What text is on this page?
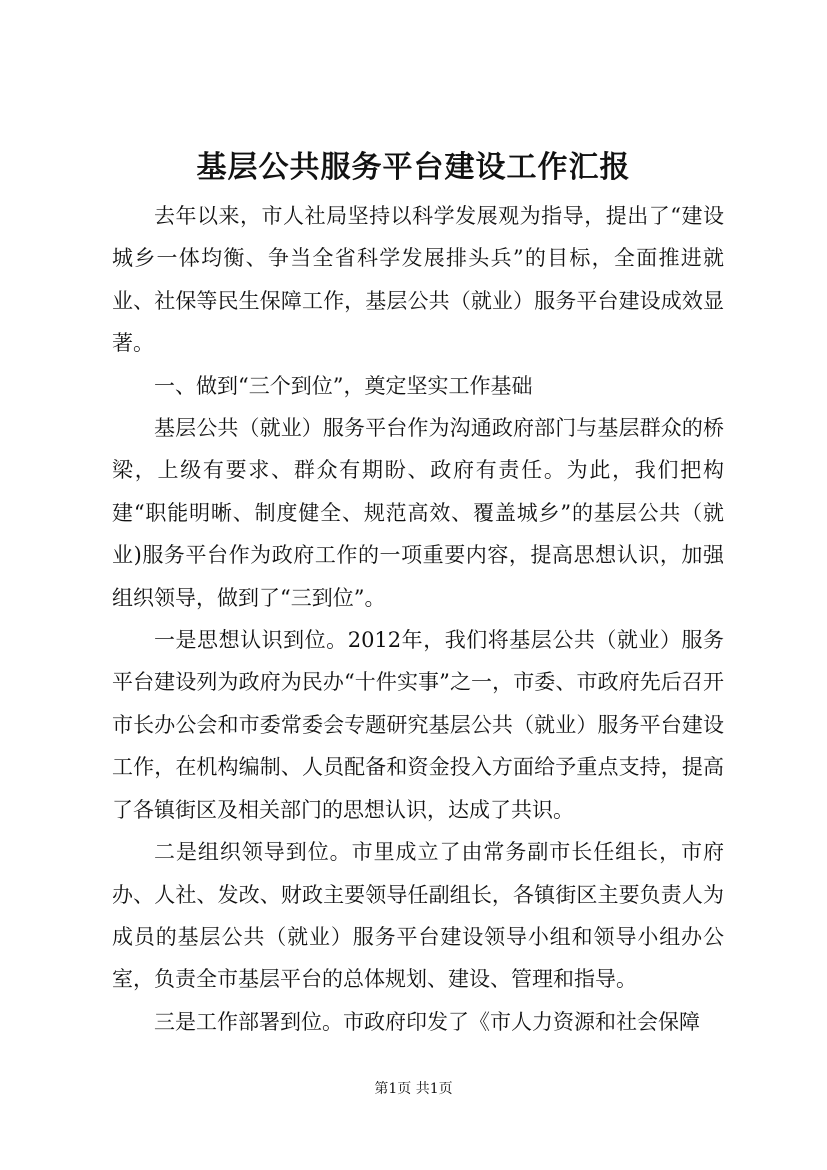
基层公共服务平台建设工作汇报

去年以来，市人社局坚持以科学发展观为指导，提出了“建设城乡一体均衡、争当全省科学发展排头兵”的目标，全面推进就业、社保等民生保障工作，基层公共（就业）服务平台建设成效显著。

一、做到“三个到位”，奠定坚实工作基础

基层公共（就业）服务平台作为沟通政府部门与基层群众的桥梁，上级有要求、群众有期盼、政府有责任。为此，我们把构建“职能明晰、制度健全、规范高效、覆盖城乡”的基层公共（就业)服务平台作为政府工作的一项重要内容，提高思想认识，加强组织领导，做到了“三到位”。

一是思想认识到位。2012年，我们将基层公共（就业）服务平台建设列为政府为民办“十件实事”之一，市委、市政府先后召开市长办公会和市委常委会专题研究基层公共（就业）服务平台建设工作，在机构编制、人员配备和资金投入方面给予重点支持，提高了各镇街区及相关部门的思想认识，达成了共识。

二是组织领导到位。市里成立了由常务副市长任组长，市府办、人社、发改、财政主要领导任副组长，各镇街区主要负责人为成员的基层公共（就业）服务平台建设领导小组和领导小组办公室，负责全市基层平台的总体规划、建设、管理和指导。

三是工作部署到位。市政府印发了《市人力资源和社会保障

第1页 共1页
